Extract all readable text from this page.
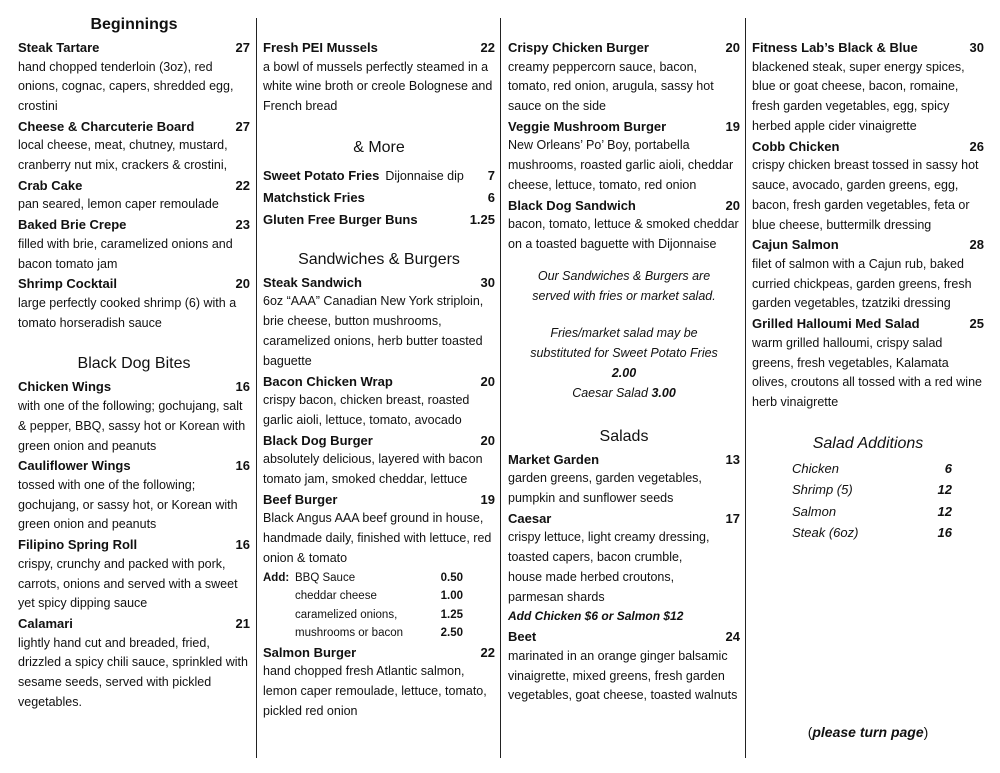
Beginnings
Steak Tartare	27
hand chopped tenderloin (3oz), red onions, cognac, capers, shredded egg, crostini
Cheese & Charcuterie Board	27
local cheese, meat, chutney, mustard, cranberry nut mix, crackers & crostini,
Crab Cake	22
pan seared, lemon caper remoulade
Baked Brie Crepe	23
filled with brie, caramelized onions and bacon tomato jam
Shrimp Cocktail	20
large perfectly cooked shrimp (6) with a tomato horseradish sauce
Black Dog Bites
Chicken Wings	16
with one of the following; gochujang, salt & pepper, BBQ, sassy hot or Korean with green onion and peanuts
Cauliflower Wings	16
tossed with one of the following; gochujang, or sassy hot, or Korean with green onion and peanuts
Filipino Spring Roll	16
crispy, crunchy and packed with pork, carrots, onions and served with a sweet yet spicy dipping sauce
Calamari	21
lightly hand cut and breaded, fried, drizzled a spicy chili sauce, sprinkled with sesame seeds, served with pickled vegetables.
Fresh PEI Mussels	22
a bowl of mussels perfectly steamed in a white wine broth or creole Bolognese and French bread
& More
Sweet Potato Fries Dijonnaise dip 7
Matchstick Fries	6
Gluten Free Burger Buns	1.25
Sandwiches & Burgers
Steak Sandwich	30
6oz “AAA” Canadian New York striploin, brie cheese, button mushrooms, caramelized onions, herb butter toasted baguette
Bacon Chicken Wrap	20
crispy bacon, chicken breast, roasted garlic aioli, lettuce, tomato, avocado
Black Dog Burger	20
absolutely delicious, layered with bacon tomato jam, smoked cheddar, lettuce
Beef Burger	19
Black Angus AAA beef ground in house, handmade daily, finished with lettuce, red onion & tomato
Add: BBQ Sauce	0.50
cheddar cheese	1.00
caramelized onions,	1.25
mushrooms or bacon	2.50
Salmon Burger	22
hand chopped fresh Atlantic salmon, lemon caper remoulade, lettuce, tomato, pickled red onion
Crispy Chicken Burger	20
creamy peppercorn sauce, bacon, tomato, red onion, arugula, sassy hot sauce on the side
Veggie Mushroom Burger	19
New Orleans’ Po’ Boy, portabella mushrooms, roasted garlic aioli, cheddar cheese, lettuce, tomato, red onion
Black Dog Sandwich	20
bacon, tomato, lettuce & smoked cheddar on a toasted baguette with Dijonnaise
Our Sandwiches & Burgers are served with fries or market salad.
Fries/market salad may be substituted for Sweet Potato Fries 2.00
Caesar Salad 3.00
Salads
Market Garden	13
garden greens, garden vegetables, pumpkin and sunflower seeds
Caesar	17
crispy lettuce, light creamy dressing, toasted capers, bacon crumble, house made herbed croutons, parmesan shards
Add Chicken $6 or Salmon $12
Beet	24
marinated in an orange ginger balsamic vinaigrette, mixed greens, fresh garden vegetables, goat cheese, toasted walnuts
Fitness Lab’s Black & Blue	30
blackened steak, super energy spices, blue or goat cheese, bacon, romaine, fresh garden vegetables, egg, spicy herbed apple cider vinaigrette
Cobb Chicken	26
crispy chicken breast tossed in sassy hot sauce, avocado, garden greens, egg, bacon, fresh garden vegetables, feta or blue cheese, buttermilk dressing
Cajun Salmon	28
filet of salmon with a Cajun rub, baked curried chickpeas, garden greens, fresh garden vegetables, tzatziki dressing
Grilled Halloumi Med Salad	25
warm grilled halloumi, crispy salad greens, fresh vegetables, Kalamata olives, croutons all tossed with a red wine herb vinaigrette
Salad Additions
Chicken	6
Shrimp (5)	12
Salmon	12
Steak (6oz)	16
(please turn page)
